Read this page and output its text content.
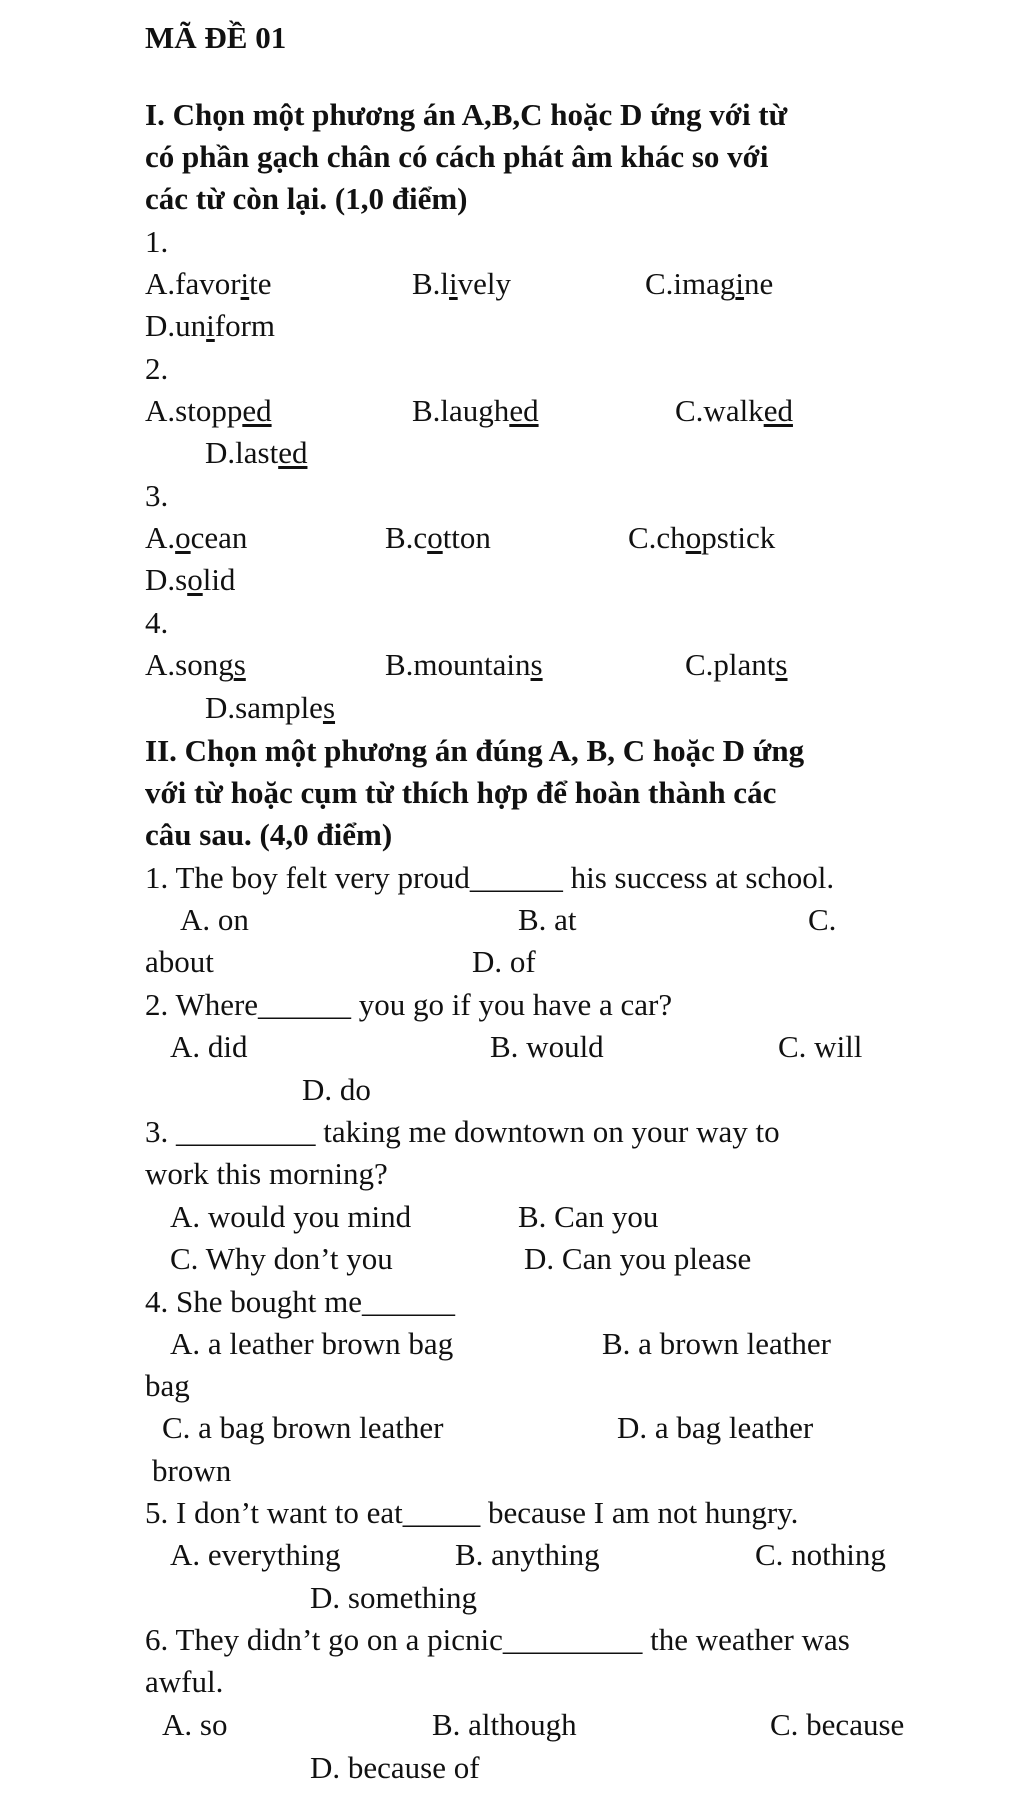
MÃ ĐỀ 01
I. Chọn một phương án A,B,C hoặc D ứng với từ
có phần gạch chân có cách phát âm khác so với
các từ còn lại. (1,0 điểm)
1.
A.favorite	B.lively	C.imagine
D.uniform
2.
A.stopped	B.laughed	C.walked
D.lasted
3.
A.ocean	B.cotton	C.chopstick
D.solid
4.
A.songs	B.mountains	C.plants
D.samples
II. Chọn một phương án đúng A, B, C hoặc D ứng
với từ hoặc cụm từ thích hợp để hoàn thành các
câu sau. (4,0 điểm)
1. The boy felt very proud______ his success at school.
A. on	B. at	C.
about	D. of
2. Where______ you go if you have a car?
A. did	B. would	C. will
D. do
3. _________ taking me downtown on your way to
work this morning?
A. would you mind	B. Can you
C. Why don’t you	D. Can you please
4. She bought me______
A. a leather brown bag	B. a brown leather
bag
C. a bag brown leather	D. a bag leather
brown
5. I don’t want to eat_____ because I am not hungry.
A. everything	B. anything	C. nothing
D. something
6. They didn’t go on a picnic_________ the weather was
awful.
A. so	B. although	C. because
D. because of
